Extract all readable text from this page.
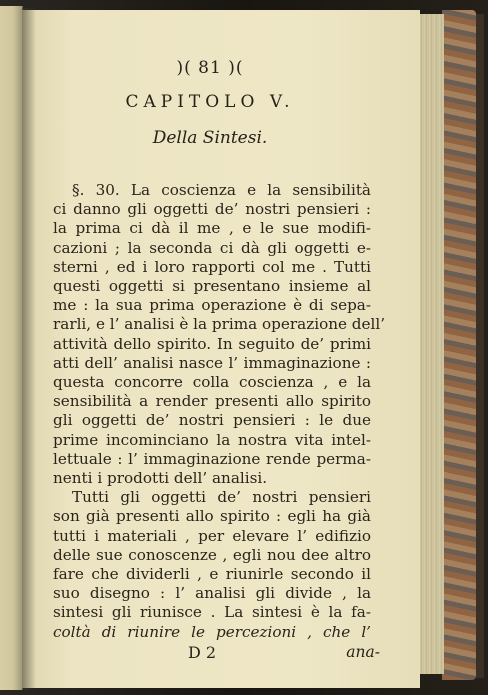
)( 81 )(
CAPITOLO V.
Della Sintesi.
§. 30. La coscienza e la sensibilità
ci danno gli oggetti de’ nostri pensieri :
la prima ci dà il me , e le sue modifi-
cazioni ; la seconda ci dà gli oggetti e-
sterni , ed i loro rapporti col me . Tutti
questi oggetti si presentano insieme al
me : la sua prima operazione è di sepa-
rarli, e l’ analisi è la prima operazione dell’
attività dello spirito. In seguito de’ primi
atti dell’ analisi nasce l’ immaginazione :
questa concorre colla coscienza , e la
sensibilità a render presenti allo spirito
gli oggetti de’ nostri pensieri : le due
prime incominciano la nostra vita intel-
lettuale : l’ immaginazione rende perma-
nenti i prodotti dell’ analisi.
Tutti gli oggetti de’ nostri pensieri
son già presenti allo spirito : egli ha già
tutti i materiali , per elevare l’ edifizio
delle sue conoscenze , egli nou dee altro
fare che dividerli , e riunirle secondo il
suo disegno : l’ analisi gli divide , la
sintesi gli riunisce . La sintesi è la fa-
coltà di riunire le percezioni , che l’
D 2	ana-
